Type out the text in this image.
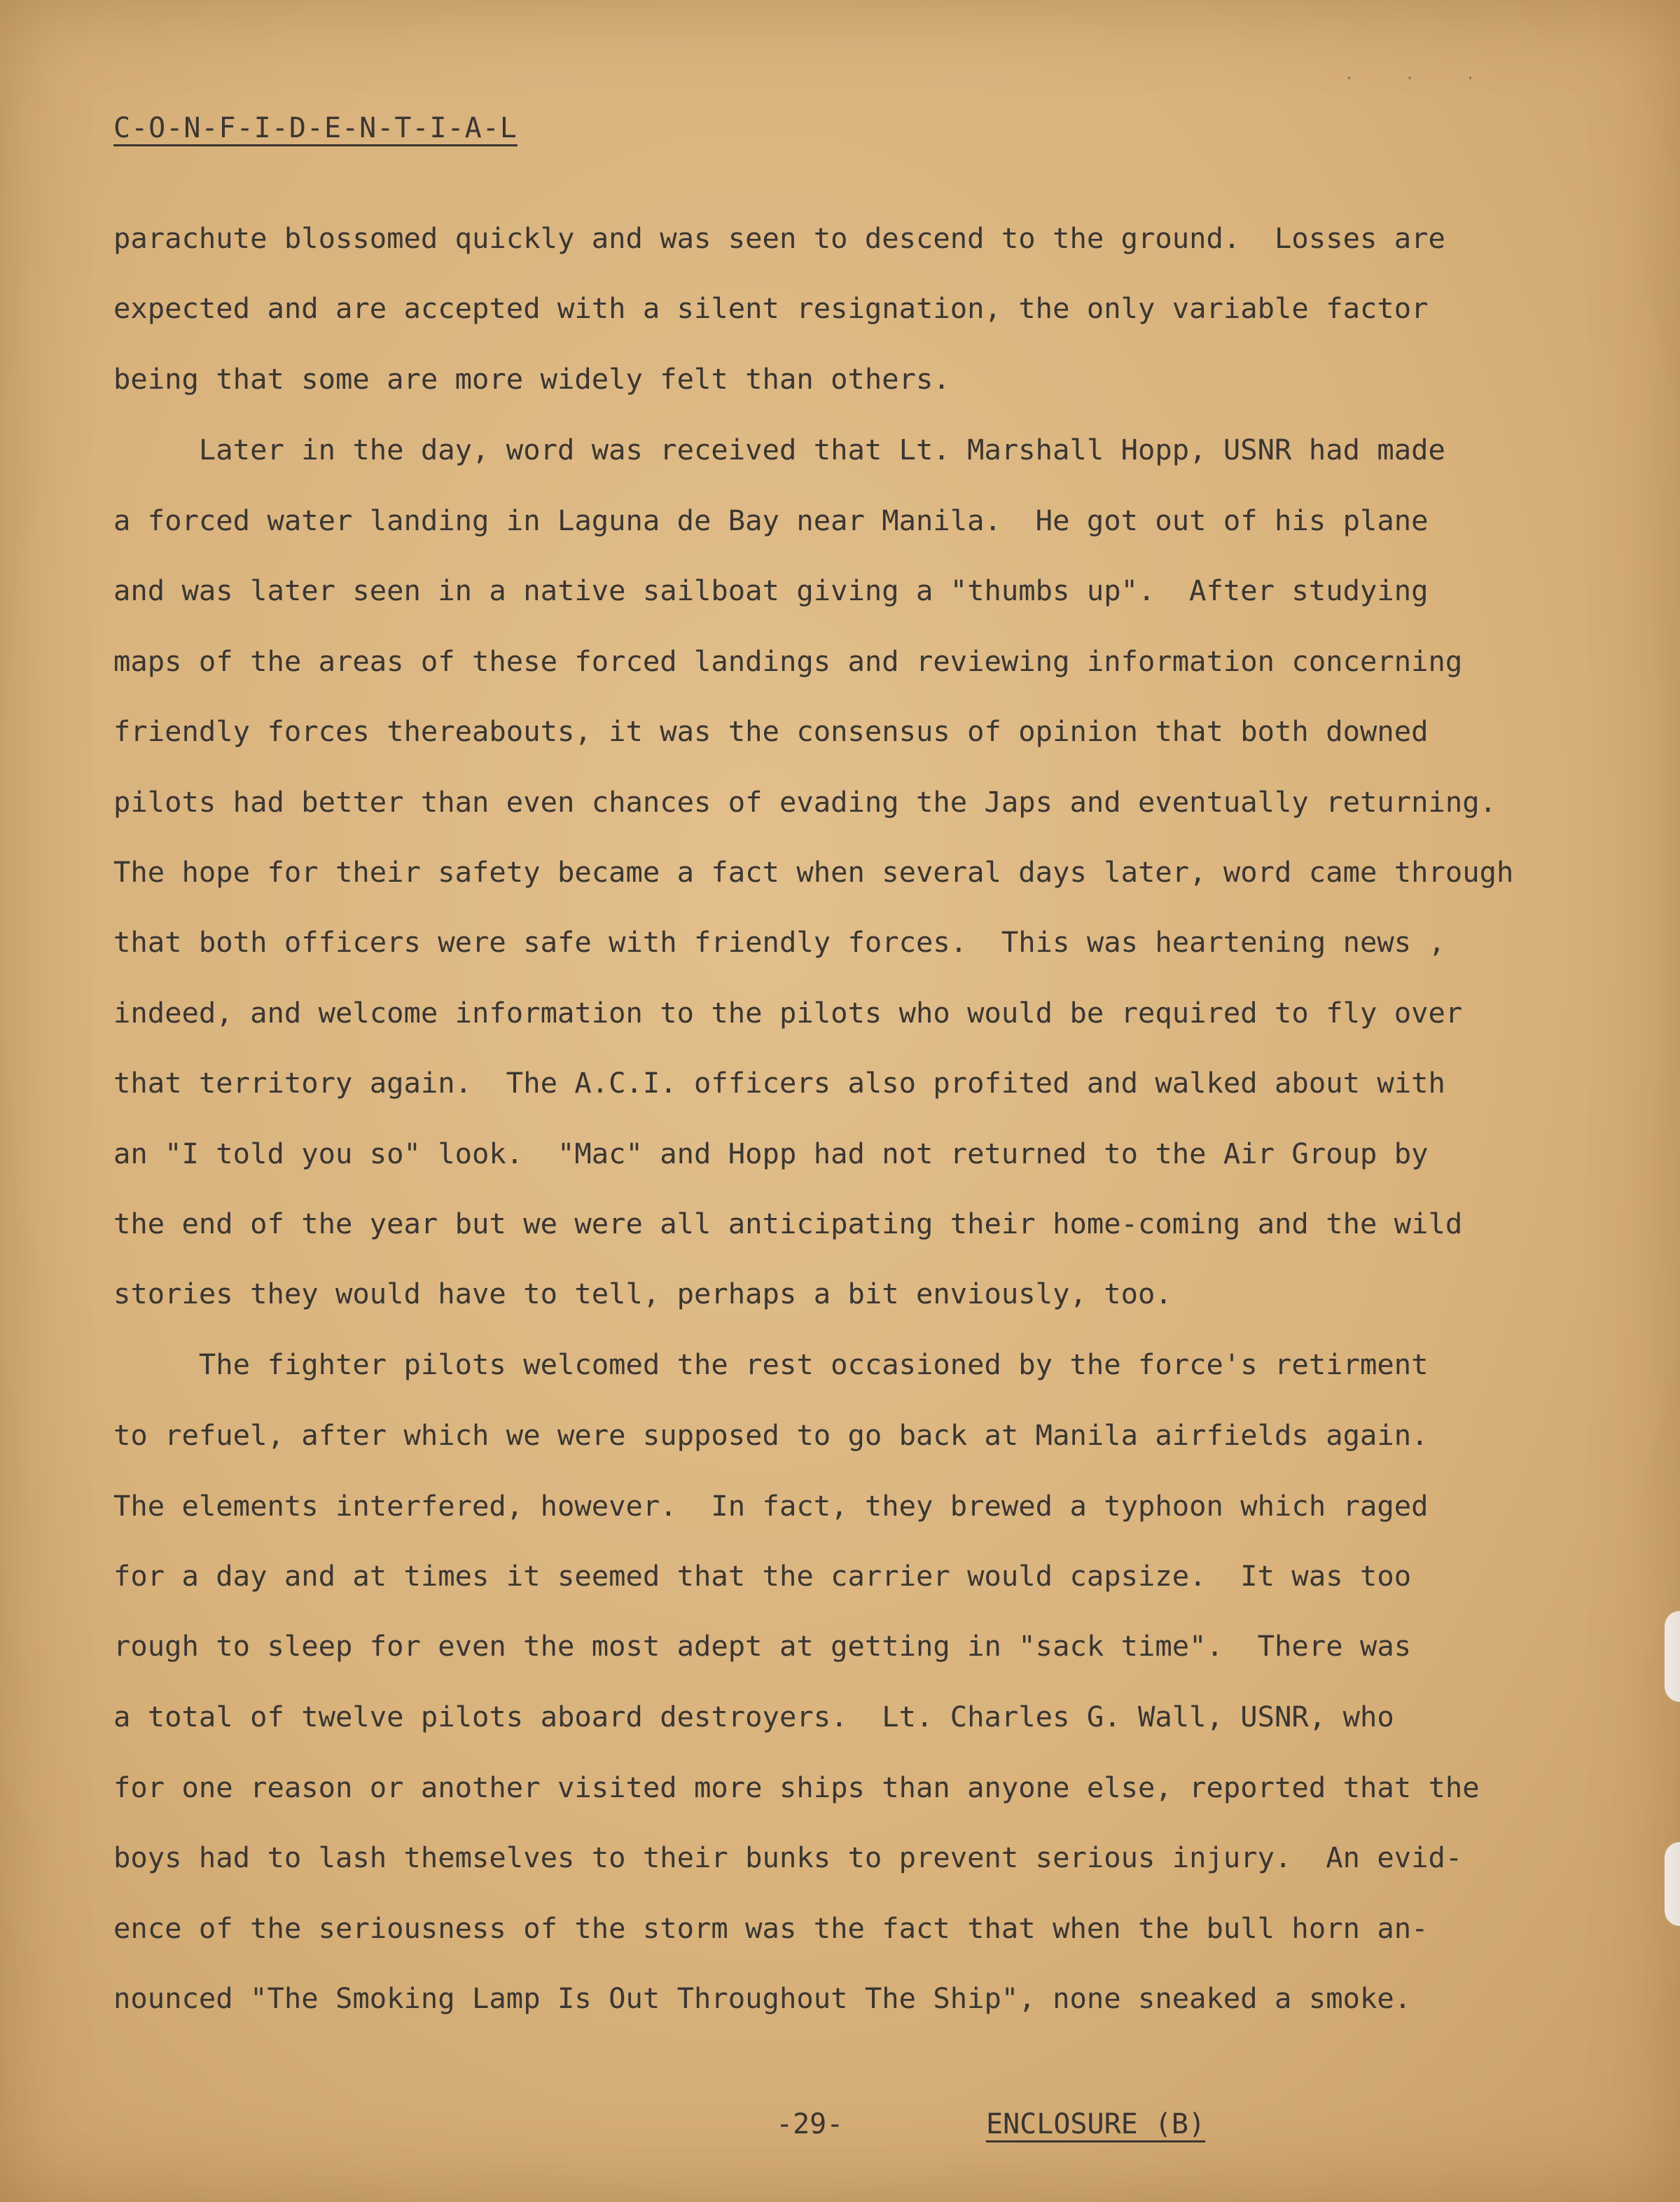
· · ·
C-O-N-F-I-D-E-N-T-I-A-L
parachute blossomed quickly and was seen to descend to the ground.  Losses are
expected and are accepted with a silent resignation, the only variable factor
being that some are more widely felt than others.
Later in the day, word was received that Lt. Marshall Hopp, USNR had made
a forced water landing in Laguna de Bay near Manila.  He got out of his plane
and was later seen in a native sailboat giving a "thumbs up".  After studying
maps of the areas of these forced landings and reviewing information concerning
friendly forces thereabouts, it was the consensus of opinion that both downed
pilots had better than even chances of evading the Japs and eventually returning.
The hope for their safety became a fact when several days later, word came through
that both officers were safe with friendly forces.  This was heartening news ,
indeed, and welcome information to the pilots who would be required to fly over
that territory again.  The A.C.I. officers also profited and walked about with
an "I told you so" look.  "Mac" and Hopp had not returned to the Air Group by
the end of the year but we were all anticipating their home-coming and the wild
stories they would have to tell, perhaps a bit enviously, too.
The fighter pilots welcomed the rest occasioned by the force's retirment
to refuel, after which we were supposed to go back at Manila airfields again.
The elements interfered, however.  In fact, they brewed a typhoon which raged
for a day and at times it seemed that the carrier would capsize.  It was too
rough to sleep for even the most adept at getting in "sack time".  There was
a total of twelve pilots aboard destroyers.  Lt. Charles G. Wall, USNR, who
for one reason or another visited more ships than anyone else, reported that the
boys had to lash themselves to their bunks to prevent serious injury.  An evid-
ence of the seriousness of the storm was the fact that when the bull horn an-
nounced "The Smoking Lamp Is Out Throughout The Ship", none sneaked a smoke.
-29-	ENCLOSURE (B)
